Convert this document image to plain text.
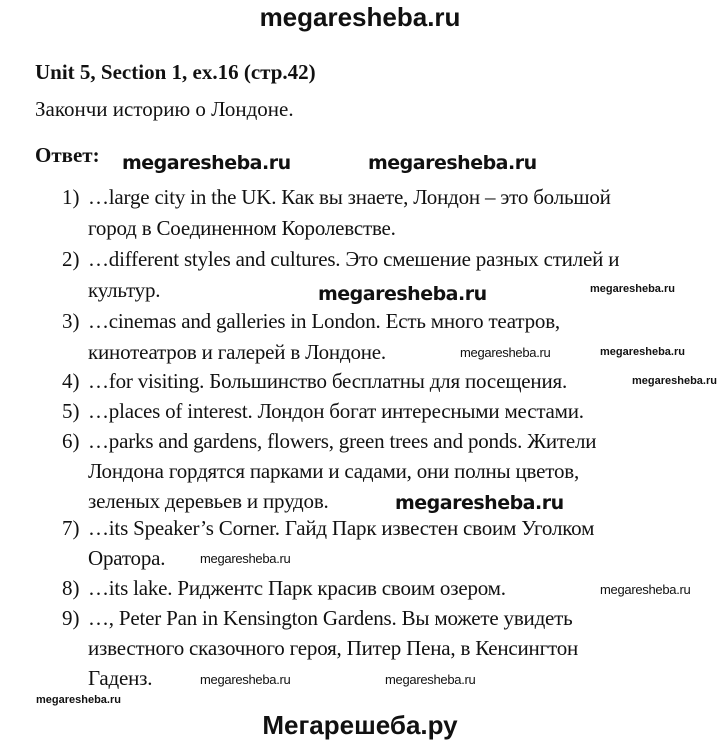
megaresheba.ru
Unit 5, Section 1, ex.16 (стр.42)
Закончи историю о Лондоне.
Ответ:
1) …large city in the UK. Как вы знаете, Лондон – это большой
город в Соединенном Королевстве.
2) …different styles and cultures. Это смешение разных стилей и
культур.
3) …cinemas and galleries in London. Есть много театров,
кинотеатров и галерей в Лондоне.
4) …for visiting. Большинство бесплатны для посещения.
5) …places of interest. Лондон богат интересными местами.
6) …parks and gardens, flowers, green trees and ponds. Жители
Лондона гордятся парками и садами, они полны цветов,
зеленых деревьев и прудов.
7) …its Speaker’s Corner. Гайд Парк известен своим Уголком
Оратора.
8) …its lake. Риджентс Парк красив своим озером.
9) …, Peter Pan in Kensington Gardens. Вы можете увидеть
известного сказочного героя, Питер Пена, в Кенсингтон
Гаденз.
megaresheba.ru	megaresheba.ru
megaresheba.ru
megaresheba.ru
megaresheba.ru
megaresheba.ru
megaresheba.ru
megaresheba.ru
megaresheba.ru
megaresheba.ru
megaresheba.ru
megaresheba.ru
megaresheba.ru
Мегарешеба.ру
